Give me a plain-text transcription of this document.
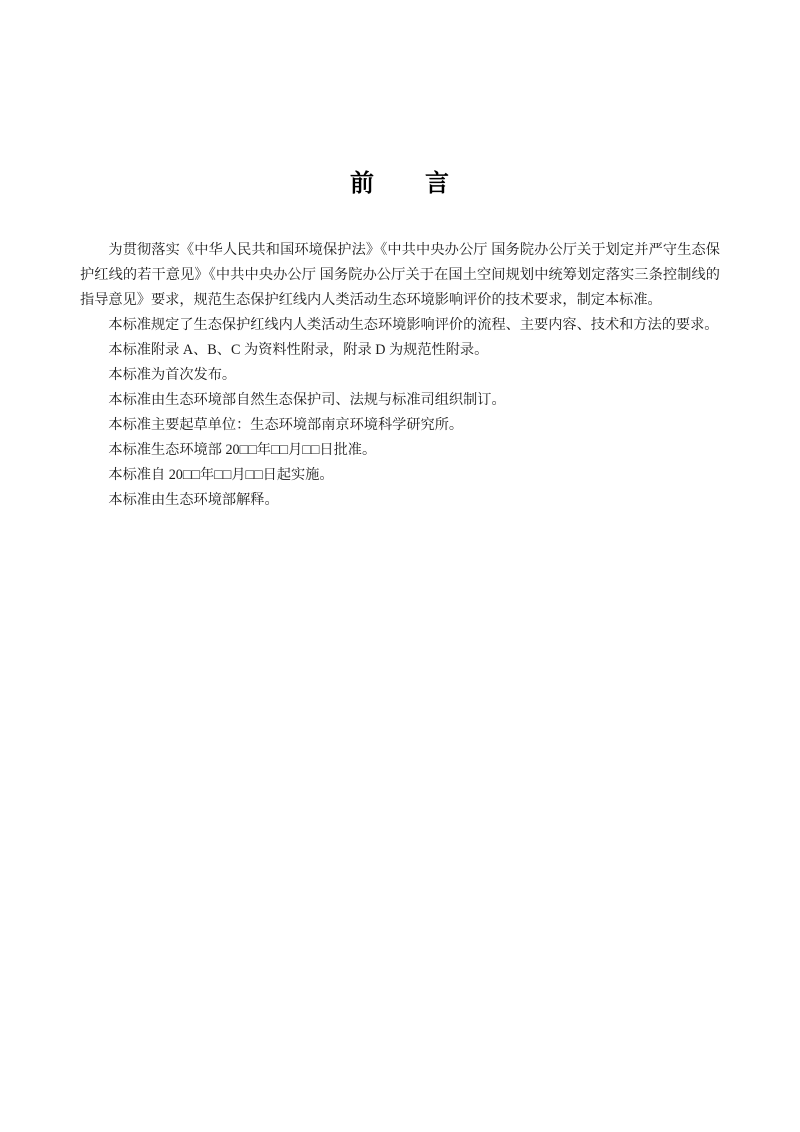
前　　言

为贯彻落实《中华人民共和国环境保护法》《中共中央办公厅 国务院办公厅关于划定并严守生态保护红线的若干意见》《中共中央办公厅 国务院办公厅关于在国土空间规划中统筹划定落实三条控制线的指导意见》要求，规范生态保护红线内人类活动生态环境影响评价的技术要求，制定本标准。

本标准规定了生态保护红线内人类活动生态环境影响评价的流程、主要内容、技术和方法的要求。

本标准附录 A、B、C 为资料性附录，附录 D 为规范性附录。

本标准为首次发布。

本标准由生态环境部自然生态保护司、法规与标准司组织制订。

本标准主要起草单位：生态环境部南京环境科学研究所。

本标准生态环境部 20□□年□□月□□日批准。

本标准自 20□□年□□月□□日起实施。

本标准由生态环境部解释。
